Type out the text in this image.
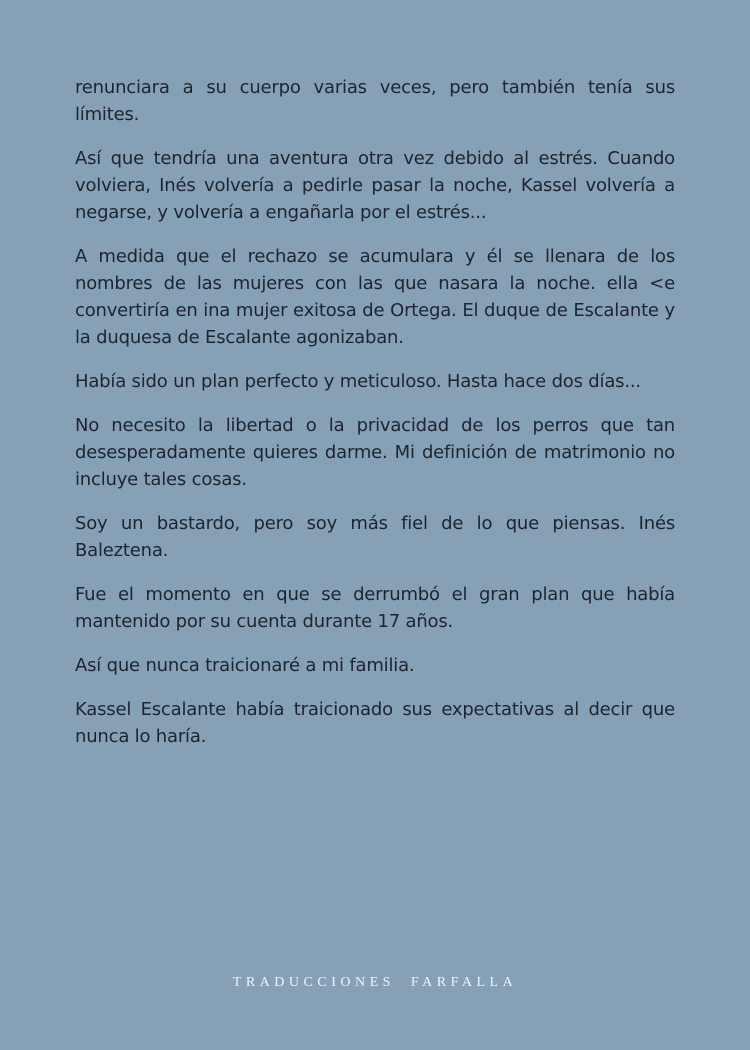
renunciara a su cuerpo varias veces, pero también tenía sus límites.

Así que tendría una aventura otra vez debido al estrés. Cuando volviera, Inés volvería a pedirle pasar la noche, Kassel volvería a negarse, y volvería a engañarla por el estrés...

A medida que el rechazo se acumulara y él se llenara de los nombres de las mujeres con las que nasara la noche. ella <e convertiría en ina mujer exitosa de Ortega. El duque de Escalante y la duquesa de Escalante agonizaban.

Había sido un plan perfecto y meticuloso. Hasta hace dos días...

No necesito la libertad o la privacidad de los perros que tan desesperadamente quieres darme. Mi definición de matrimonio no incluye tales cosas.

Soy un bastardo, pero soy más fiel de lo que piensas. Inés Baleztena.

Fue el momento en que se derrumbó el gran plan que había mantenido por su cuenta durante 17 años.

Así que nunca traicionaré a mi familia.

Kassel Escalante había traicionado sus expectativas al decir que nunca lo haría.

TRADUCCIONES  FARFALLA
